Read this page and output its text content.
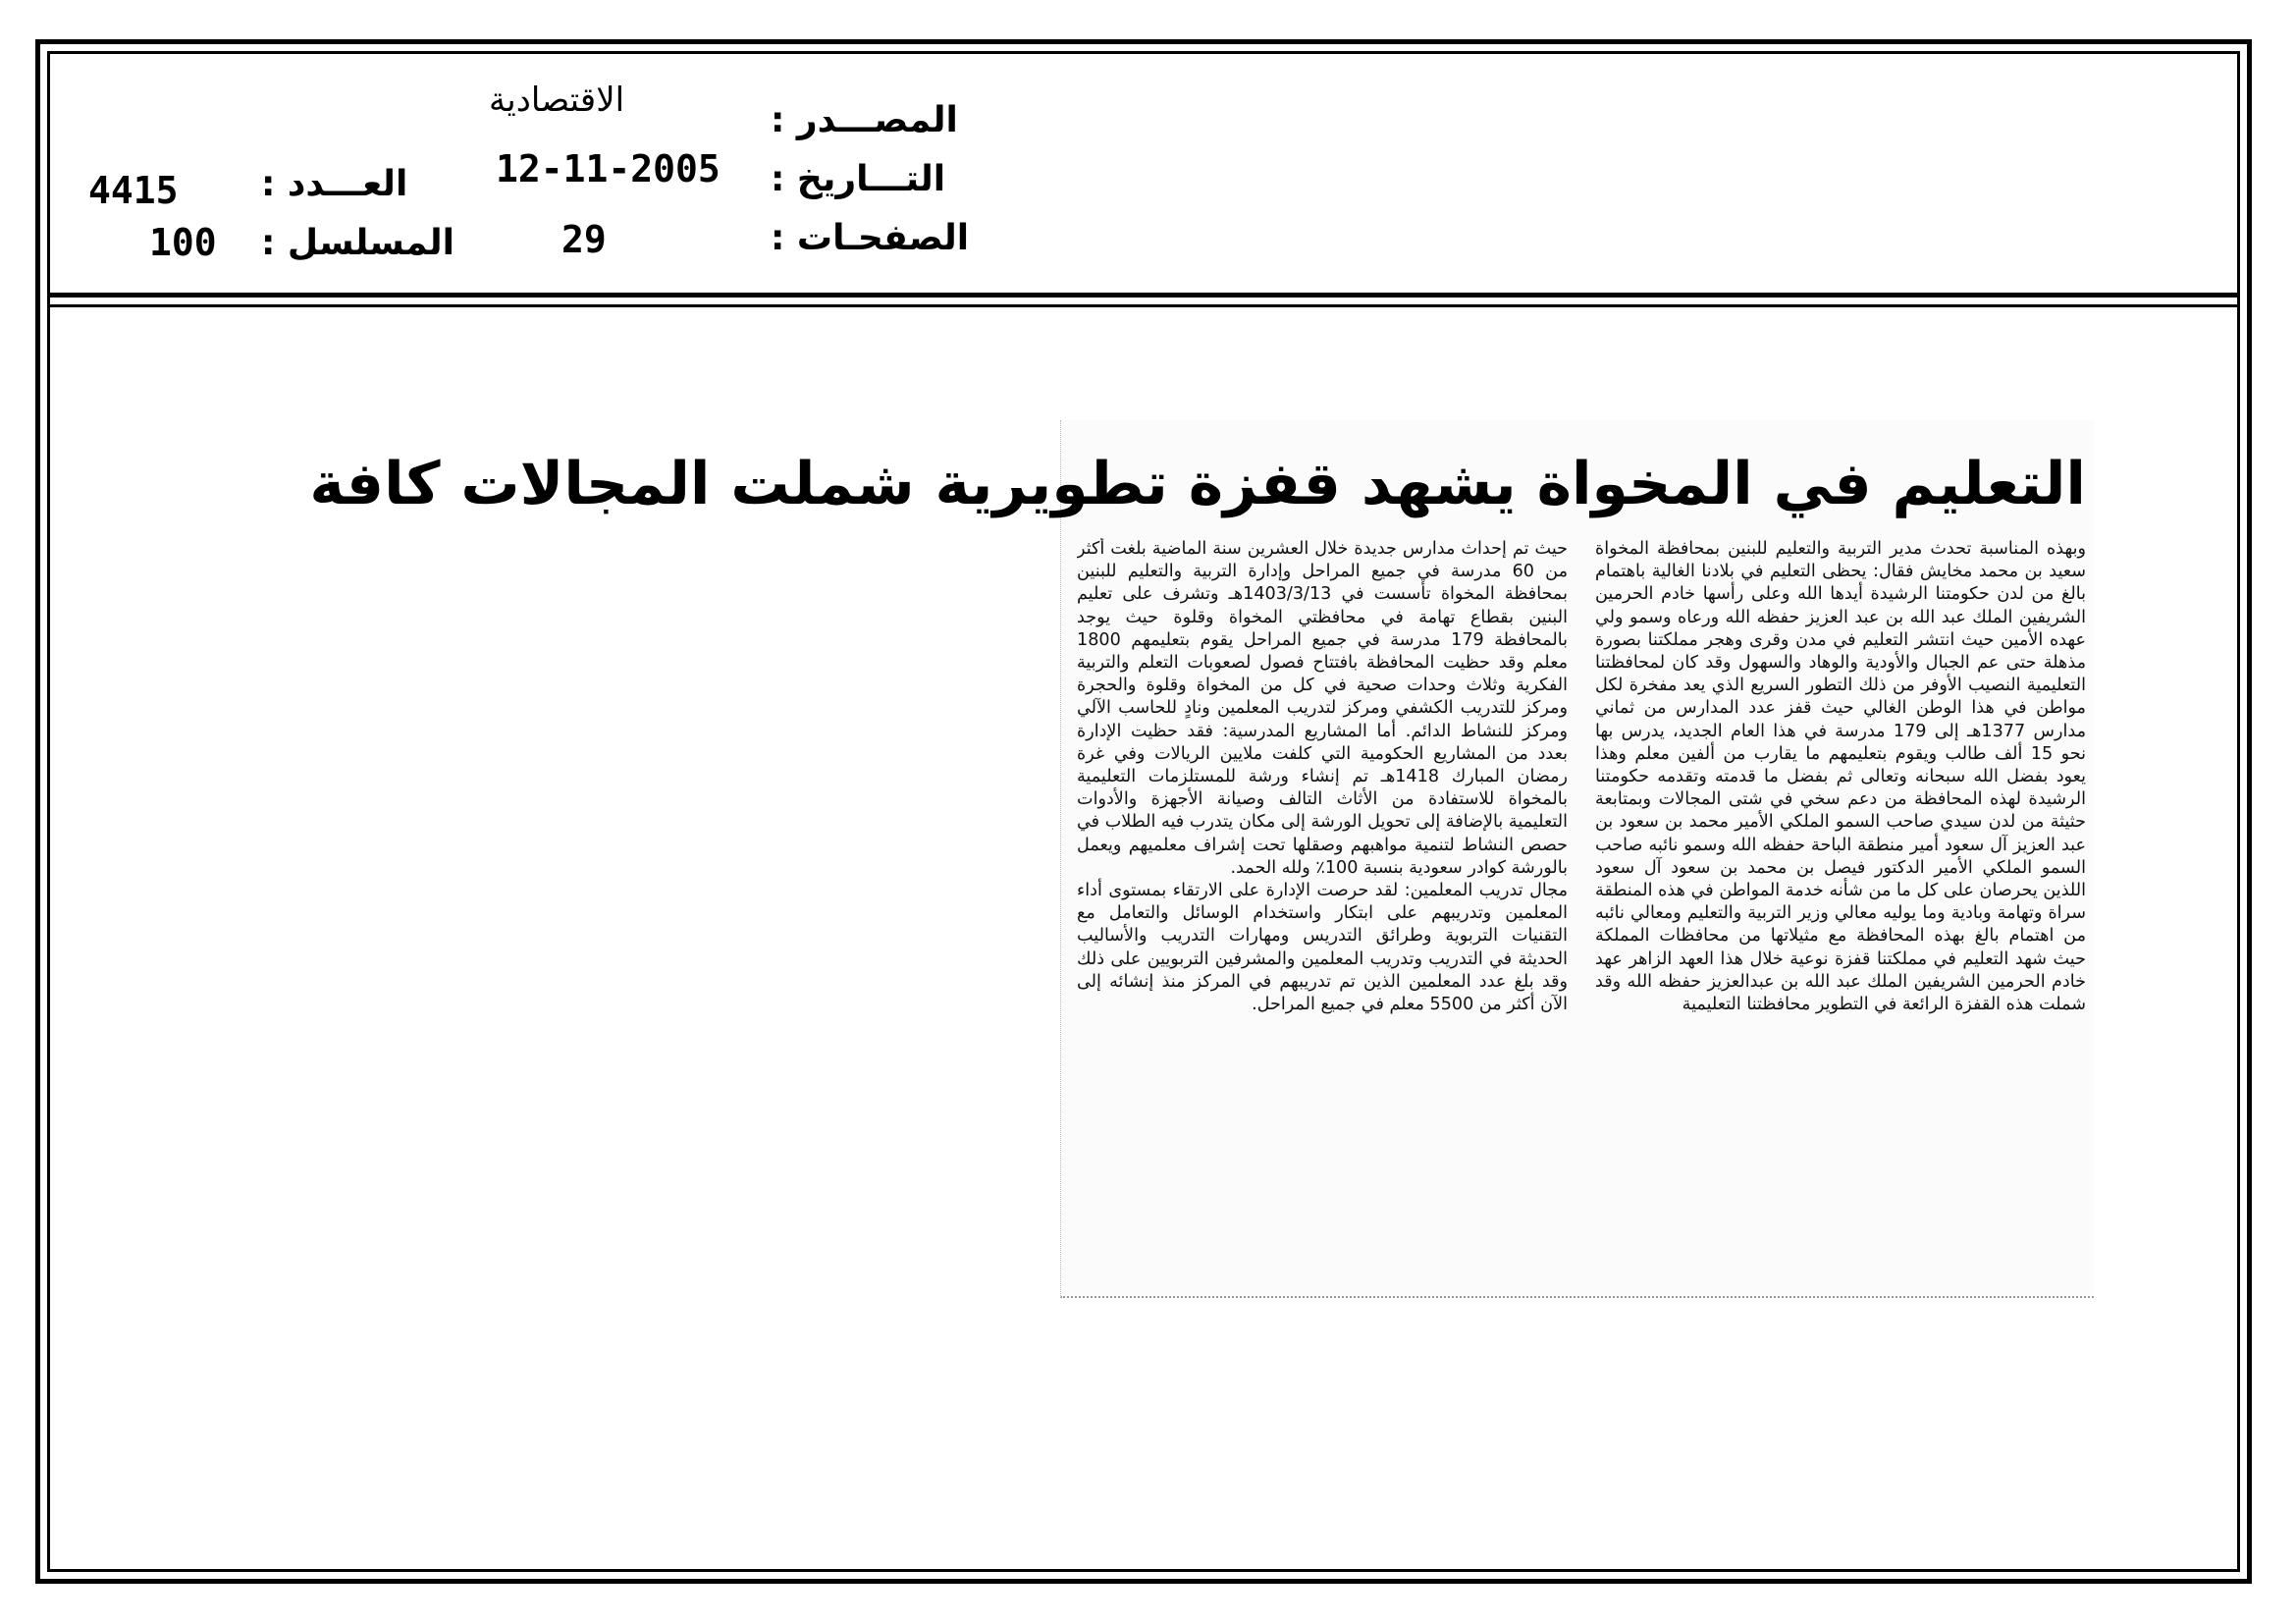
المصـــدر :
الاقتصادية
التـــاريخ :
12-11-2005
الصفحـات :
29
العـــدد :
4415
المسلسل :
100
التعليم في المخواة يشهد قفزة تطويرية شملت المجالات كافة

وبهذه المناسبة تحدث مدير التربية والتعليم للبنين بمحافظة المخواة سعيد بن محمد مخايش فقال: يحظى التعليم في بلادنا الغالية باهتمام بالغ من لدن حكومتنا الرشيدة أيدها الله وعلى رأسها خادم الحرمين الشريفين الملك عبد الله بن عبد العزيز حفظه الله ورعاه وسمو ولي عهده الأمين حيث انتشر التعليم في مدن وقرى وهجر مملكتنا بصورة مذهلة حتى عم الجبال والأودية والوهاد والسهول وقد كان لمحافظتنا التعليمية النصيب الأوفر من ذلك التطور السريع الذي يعد مفخرة لكل مواطن في هذا الوطن الغالي حيث قفز عدد المدارس من ثماني مدارس 1377هـ إلى 179 مدرسة في هذا العام الجديد، يدرس بها نحو 15 ألف طالب ويقوم بتعليمهم ما يقارب من ألفين معلم وهذا يعود بفضل الله سبحانه وتعالى ثم بفضل ما قدمته وتقدمه حكومتنا الرشيدة لهذه المحافظة من دعم سخي في شتى المجالات وبمتابعة حثيثة من لدن سيدي صاحب السمو الملكي الأمير محمد بن سعود بن عبد العزيز آل سعود أمير منطقة الباحة حفظه الله وسمو نائبه صاحب السمو الملكي الأمير الدكتور فيصل بن محمد بن سعود آل سعود اللذين يحرصان على كل ما من شأنه خدمة المواطن في هذه المنطقة سراة وتهامة وبادية وما يوليه معالي وزير التربية والتعليم ومعالي نائبه من اهتمام بالغ بهذه المحافظة مع مثيلاتها من محافظات المملكة حيث شهد التعليم في مملكتنا قفزة نوعية خلال هذا العهد الزاهر عهد خادم الحرمين الشريفين الملك عبد الله بن عبدالعزيز حفظه الله وقد شملت هذه القفزة الرائعة في التطوير محافظتنا التعليمية

حيث تم إحداث مدارس جديدة خلال العشرين سنة الماضية بلغت أكثر من 60 مدرسة في جميع المراحل وإدارة التربية والتعليم للبنين بمحافظة المخواة تأسست في 1403/3/13هـ وتشرف على تعليم البنين بقطاع تهامة في محافظتي المخواة وقلوة حيث يوجد بالمحافظة 179 مدرسة في جميع المراحل يقوم بتعليمهم 1800 معلم وقد حظيت المحافظة بافتتاح فصول لصعوبات التعلم والتربية الفكرية وثلاث وحدات صحية في كل من المخواة وقلوة والحجرة ومركز للتدريب الكشفي ومركز لتدريب المعلمين ونادٍ للحاسب الآلي ومركز للنشاط الدائم. أما المشاريع المدرسية: فقد حظيت الإدارة بعدد من المشاريع الحكومية التي كلفت ملايين الريالات وفي غرة رمضان المبارك 1418هـ تم إنشاء ورشة للمستلزمات التعليمية بالمخواة للاستفادة من الأثاث التالف وصيانة الأجهزة والأدوات التعليمية بالإضافة إلى تحويل الورشة إلى مكان يتدرب فيه الطلاب في حصص النشاط لتنمية مواهبهم وصقلها تحت إشراف معلميهم ويعمل بالورشة كوادر سعودية بنسبة 100٪ ولله الحمد.

مجال تدريب المعلمين: لقد حرصت الإدارة على الارتقاء بمستوى أداء المعلمين وتدريبهم على ابتكار واستخدام الوسائل والتعامل مع التقنيات التربوية وطرائق التدريس ومهارات التدريب والأساليب الحديثة في التدريب وتدريب المعلمين والمشرفين التربويين على ذلك وقد بلغ عدد المعلمين الذين تم تدريبهم في المركز منذ إنشائه إلى الآن أكثر من 5500 معلم في جميع المراحل.
